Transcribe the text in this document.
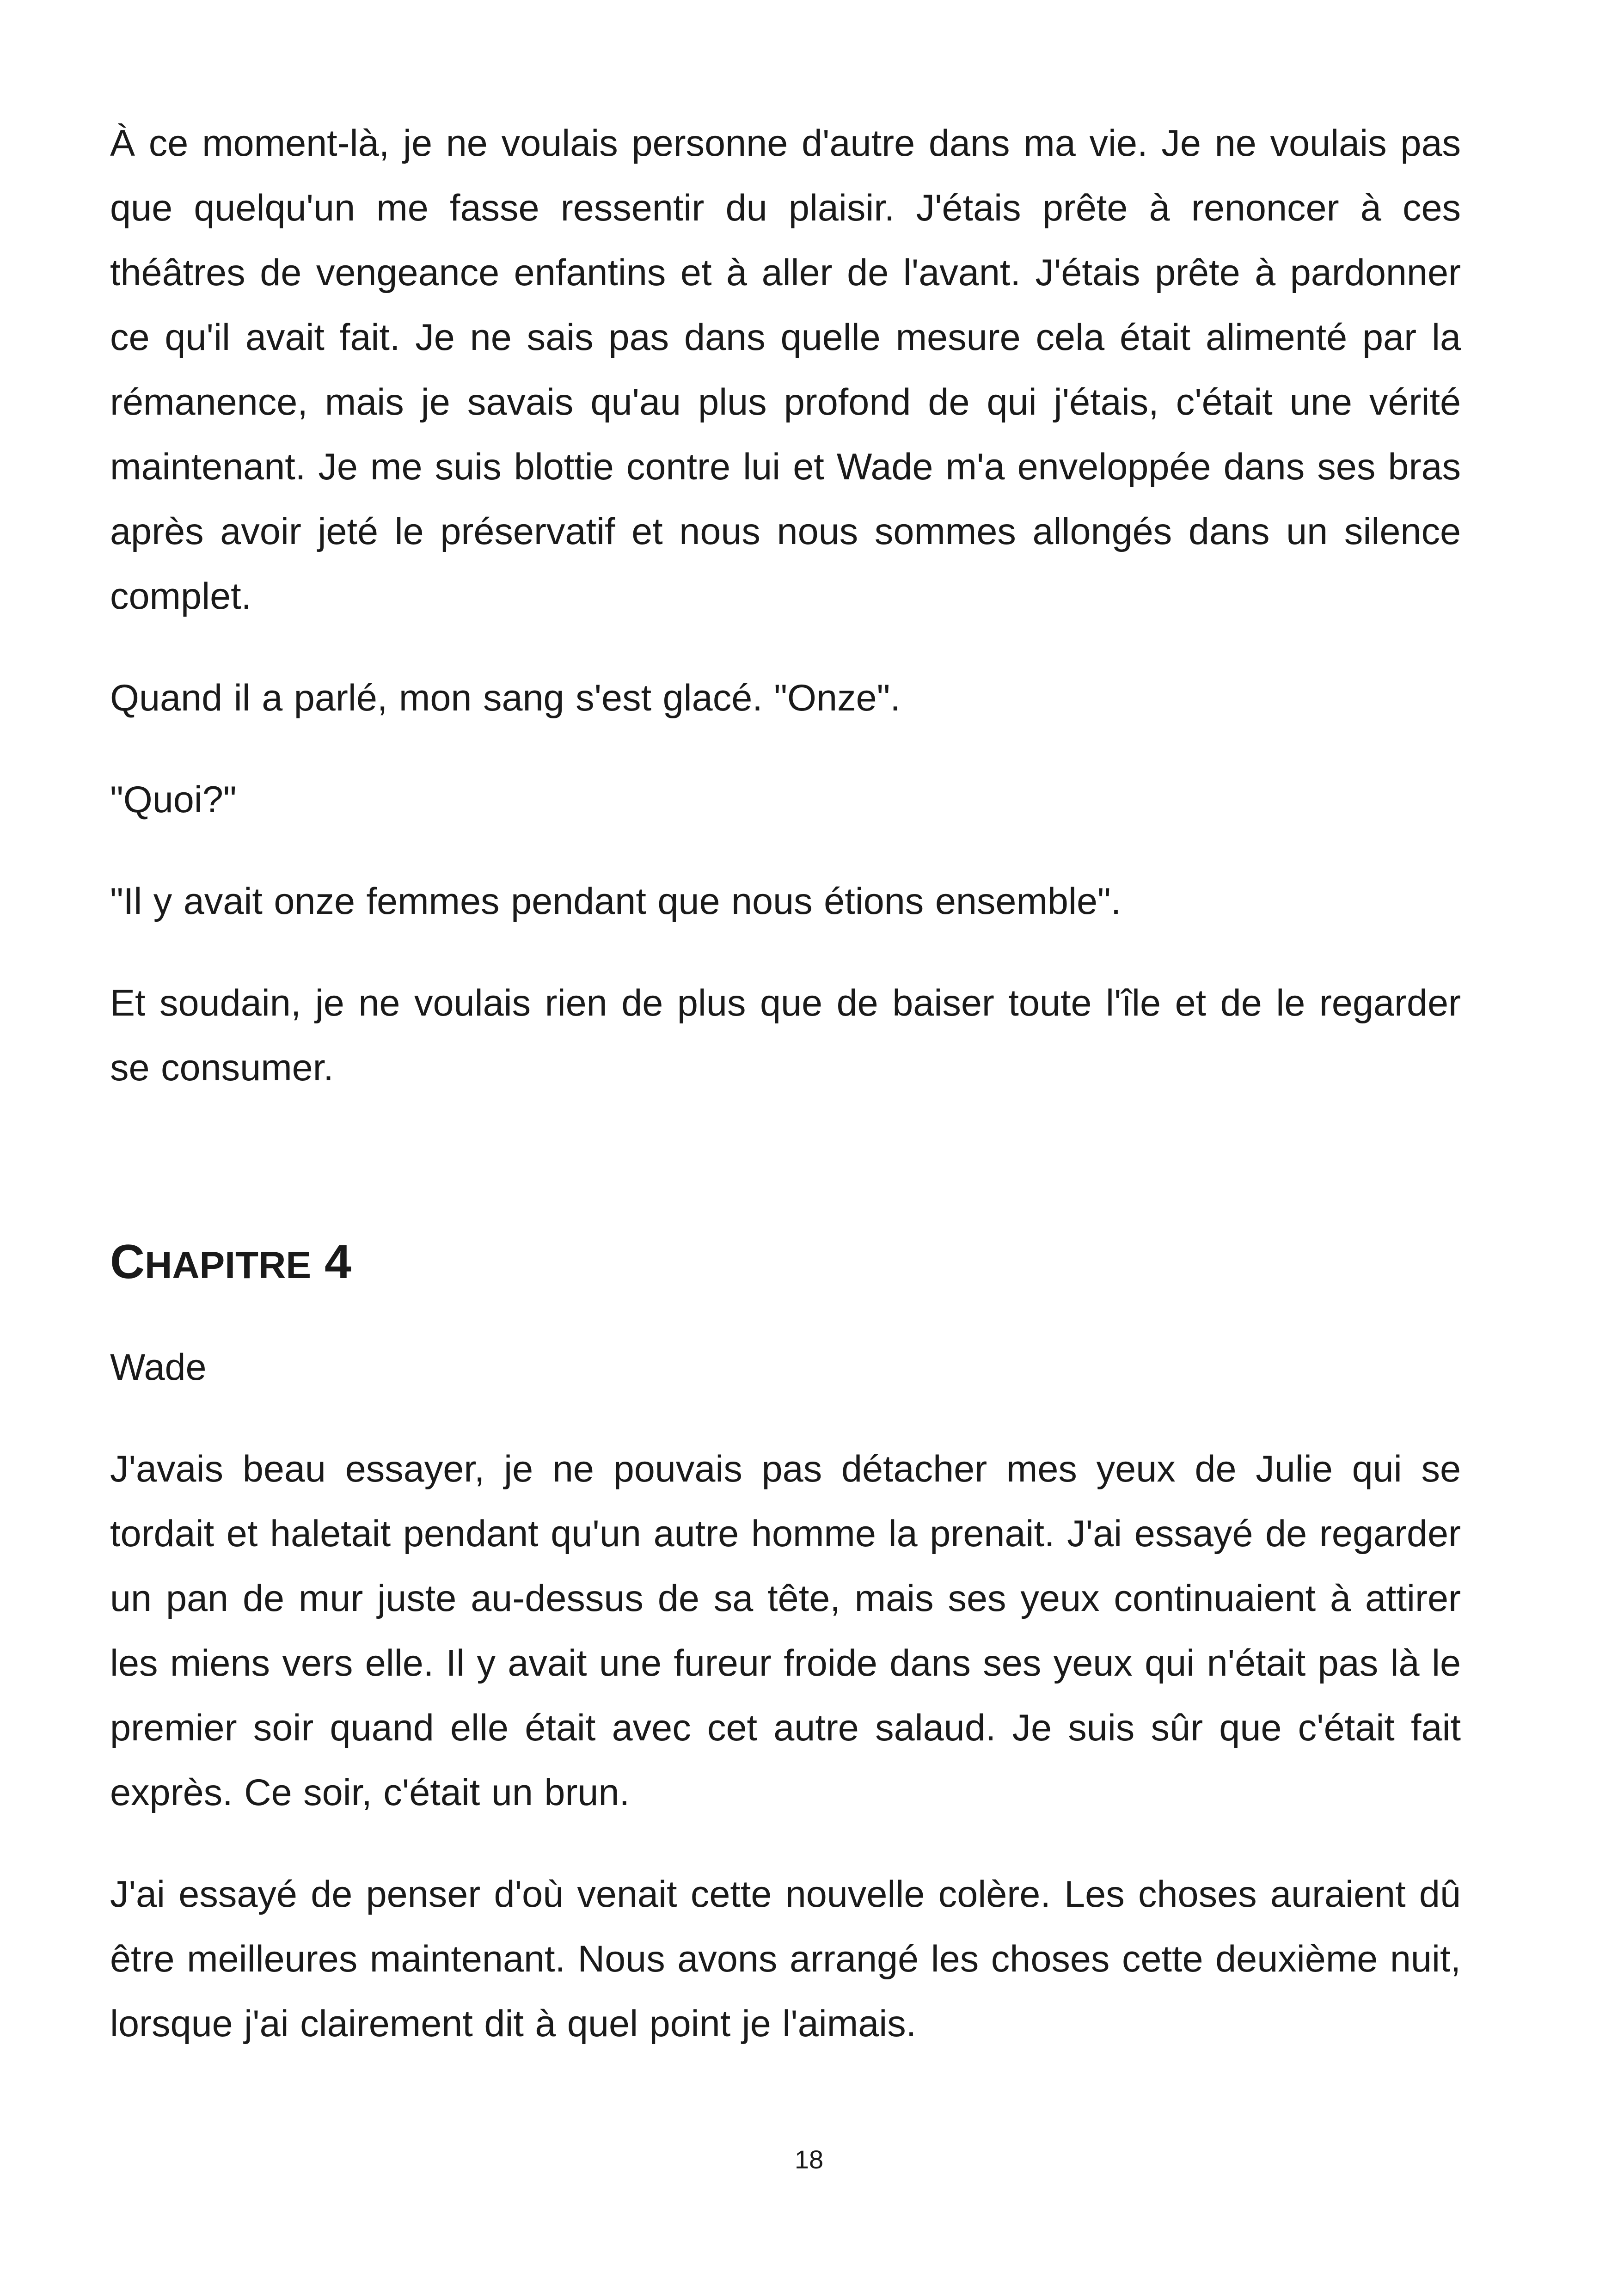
À ce moment-là, je ne voulais personne d'autre dans ma vie. Je ne voulais pas que quelqu'un me fasse ressentir du plaisir. J'étais prête à renoncer à ces théâtres de vengeance enfantins et à aller de l'avant. J'étais prête à pardonner ce qu'il avait fait. Je ne sais pas dans quelle mesure cela était alimenté par la rémanence, mais je savais qu'au plus profond de qui j'étais, c'était une vérité maintenant. Je me suis blottie contre lui et Wade m'a enveloppée dans ses bras après avoir jeté le préservatif et nous nous sommes allongés dans un silence complet.

Quand il a parlé, mon sang s'est glacé. "Onze".

"Quoi?"

"Il y avait onze femmes pendant que nous étions ensemble".

Et soudain, je ne voulais rien de plus que de baiser toute l'île et de le regarder se consumer.

CHAPITRE 4

Wade

J'avais beau essayer, je ne pouvais pas détacher mes yeux de Julie qui se tordait et haletait pendant qu'un autre homme la prenait. J'ai essayé de regarder un pan de mur juste au-dessus de sa tête, mais ses yeux continuaient à attirer les miens vers elle. Il y avait une fureur froide dans ses yeux qui n'était pas là le premier soir quand elle était avec cet autre salaud. Je suis sûr que c'était fait exprès. Ce soir, c'était un brun.

J'ai essayé de penser d'où venait cette nouvelle colère. Les choses auraient dû être meilleures maintenant. Nous avons arrangé les choses cette deuxième nuit, lorsque j'ai clairement dit à quel point je l'aimais.

18
